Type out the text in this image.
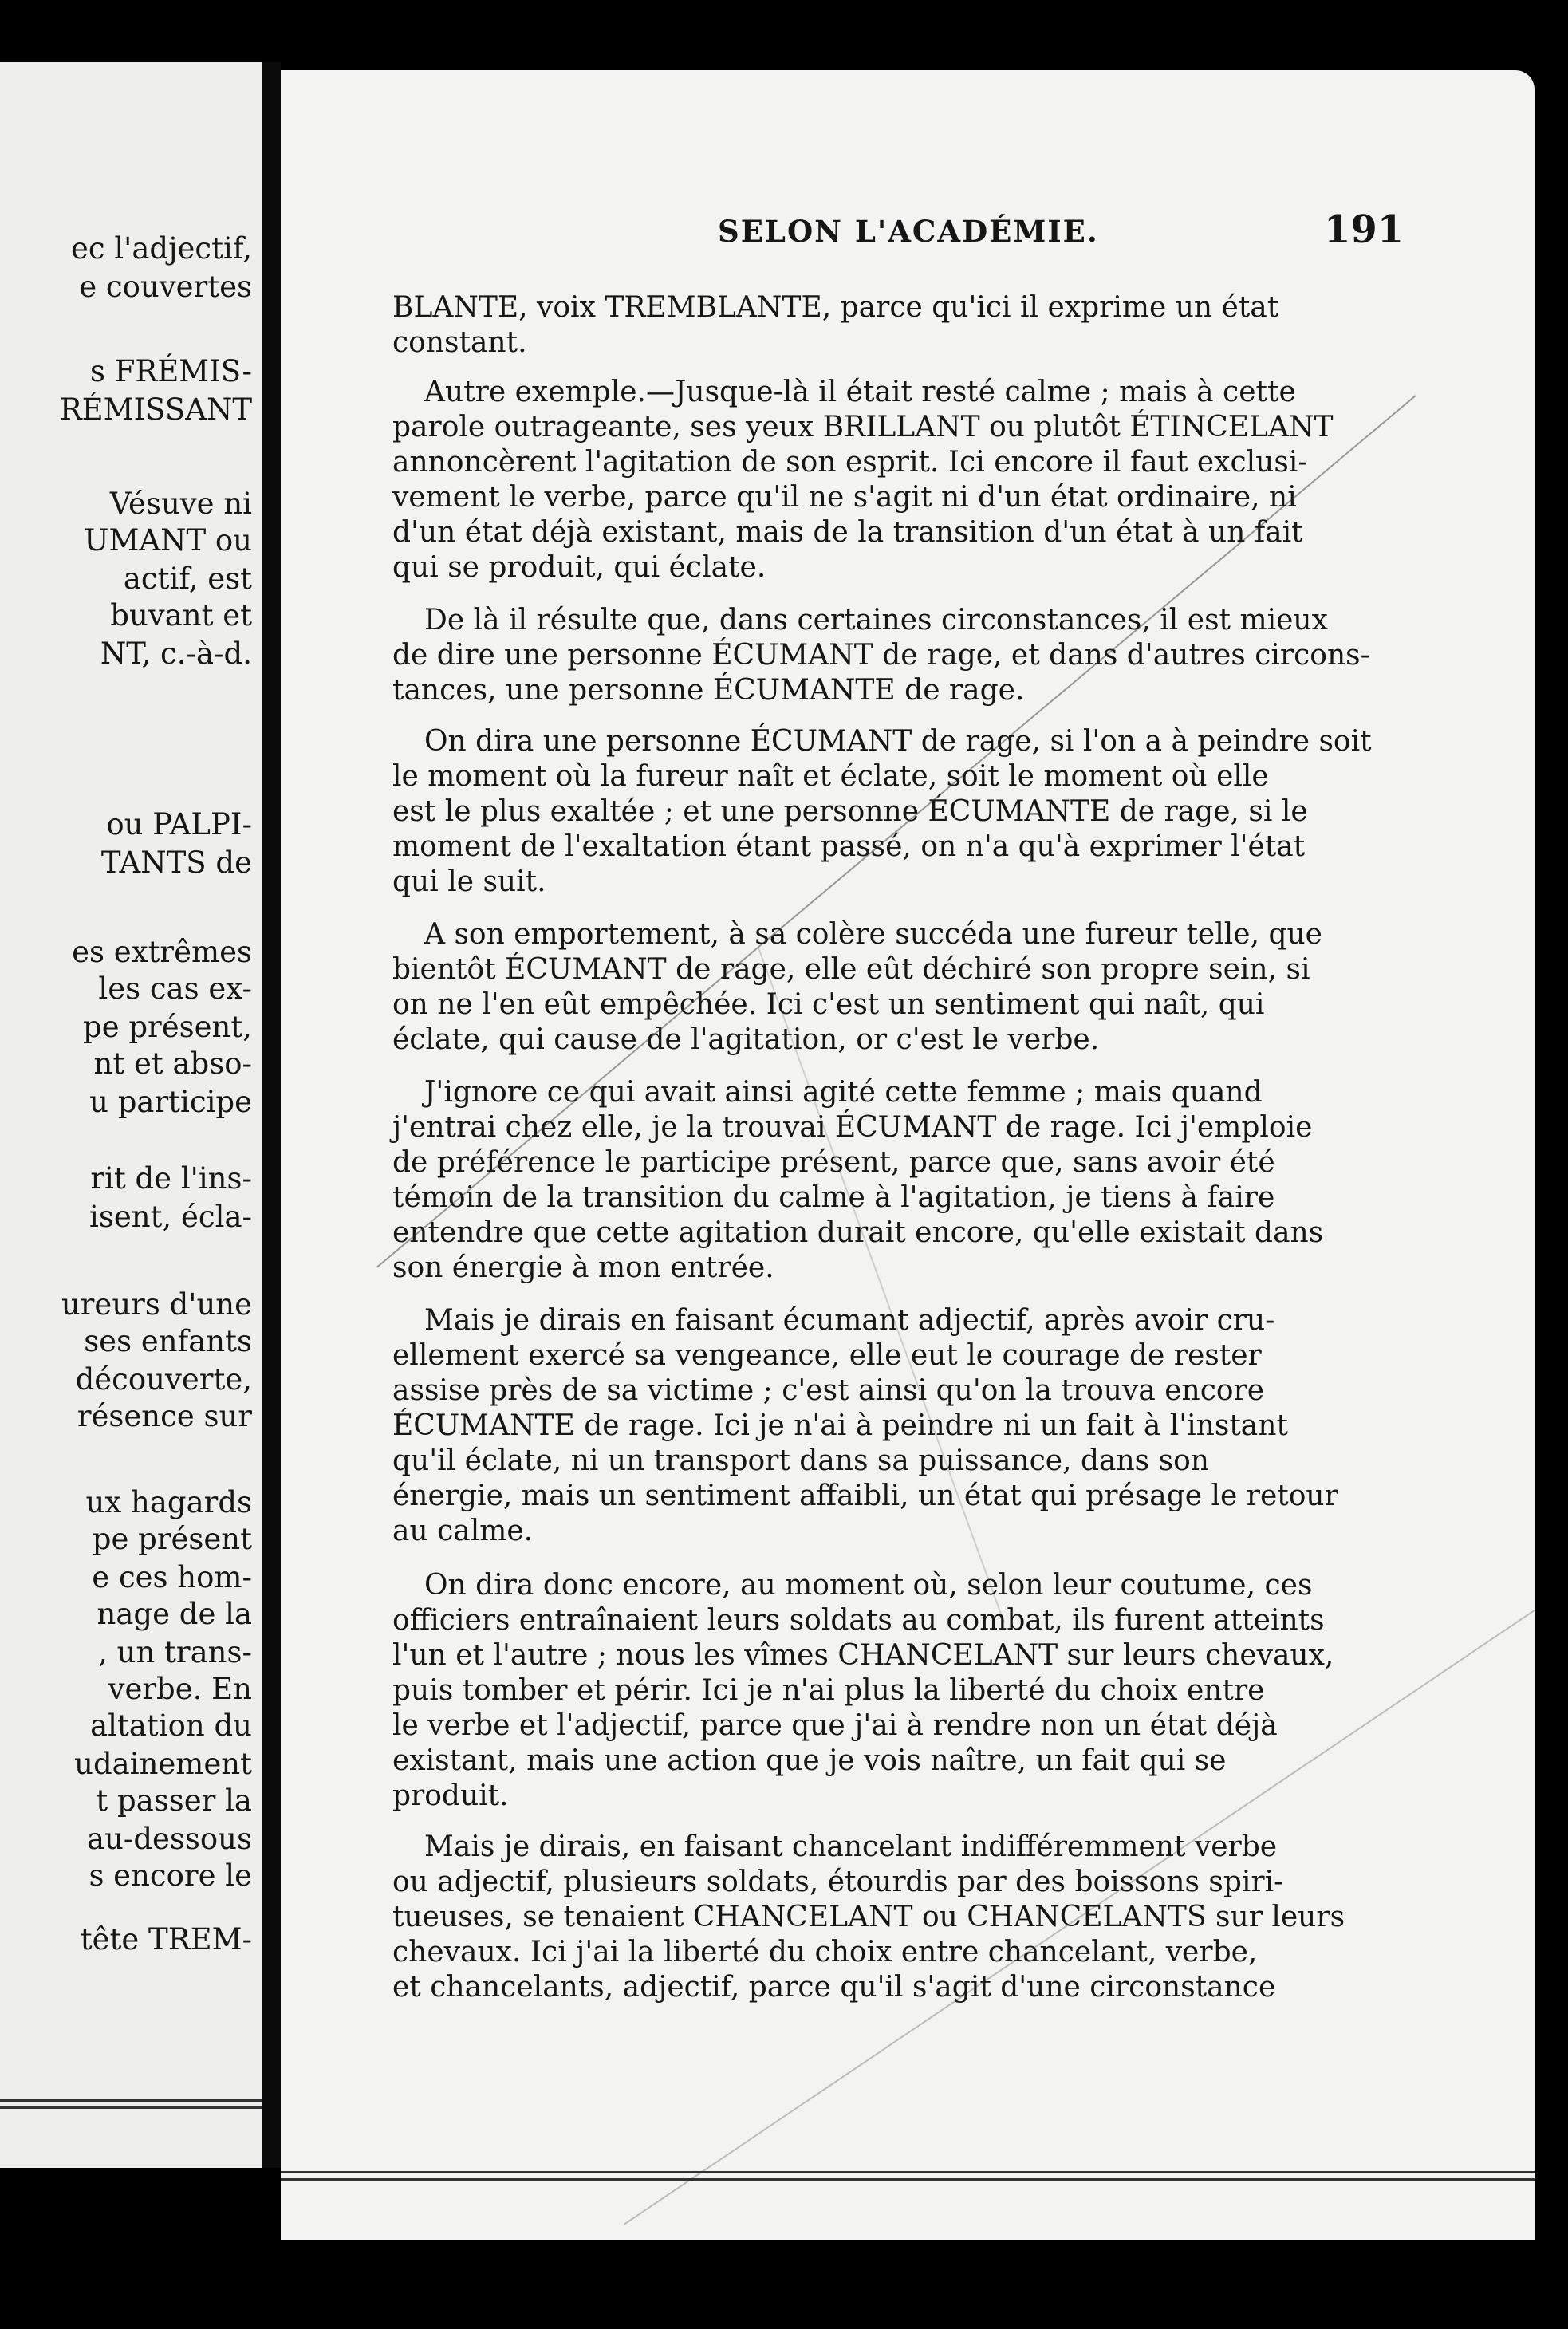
ec l'adjectif,
e couvertes
s FRÉMIS-
RÉMISSANT
Vésuve ni
UMANT ou
actif, est
buvant et
NT, c.-à-d.
ou PALPI-
TANTS de
es extrêmes
les cas ex-
pe présent,
nt et abso-
u participe
rit de l'ins-
isent, écla-
ureurs d'une
ses enfants
découverte,
résence sur
ux hagards
pe présent
e ces hom-
nage de la
, un trans-
verbe. En
altation du
udainement
t passer la
au-dessous
s encore le
tête TREM-
SELON L'ACADÉMIE.	191
BLANTE, voix TREMBLANTE, parce qu'ici il exprime un état
constant.
Autre exemple.—Jusque-là il était resté calme ; mais à cette
parole outrageante, ses yeux BRILLANT ou plutôt ÉTINCELANT
annoncèrent l'agitation de son esprit. Ici encore il faut exclusi-
vement le verbe, parce qu'il ne s'agit ni d'un état ordinaire, ni
d'un état déjà existant, mais de la transition d'un état à un fait
qui se produit, qui éclate.
De là il résulte que, dans certaines circonstances, il est mieux
de dire une personne ÉCUMANT de rage, et dans d'autres circons-
tances, une personne ÉCUMANTE de rage.
On dira une personne ÉCUMANT de rage, si l'on a à peindre soit
le moment où la fureur naît et éclate, soit le moment où elle
est le plus exaltée ; et une personne ÉCUMANTE de rage, si le
moment de l'exaltation étant passé, on n'a qu'à exprimer l'état
qui le suit.
A son emportement, à sa colère succéda une fureur telle, que
bientôt ÉCUMANT de rage, elle eût déchiré son propre sein, si
on ne l'en eût empêchée. Ici c'est un sentiment qui naît, qui
éclate, qui cause de l'agitation, or c'est le verbe.
J'ignore ce qui avait ainsi agité cette femme ; mais quand
j'entrai chez elle, je la trouvai ÉCUMANT de rage. Ici j'emploie
de préférence le participe présent, parce que, sans avoir été
témoin de la transition du calme à l'agitation, je tiens à faire
entendre que cette agitation durait encore, qu'elle existait dans
son énergie à mon entrée.
Mais je dirais en faisant écumant adjectif, après avoir cru-
ellement exercé sa vengeance, elle eut le courage de rester
assise près de sa victime ; c'est ainsi qu'on la trouva encore
ÉCUMANTE de rage. Ici je n'ai à peindre ni un fait à l'instant
qu'il éclate, ni un transport dans sa puissance, dans son
énergie, mais un sentiment affaibli, un état qui présage le retour
au calme.
On dira donc encore, au moment où, selon leur coutume, ces
officiers entraînaient leurs soldats au combat, ils furent atteints
l'un et l'autre ; nous les vîmes CHANCELANT sur leurs chevaux,
puis tomber et périr. Ici je n'ai plus la liberté du choix entre
le verbe et l'adjectif, parce que j'ai à rendre non un état déjà
existant, mais une action que je vois naître, un fait qui se
produit.
Mais je dirais, en faisant chancelant indifféremment verbe
ou adjectif, plusieurs soldats, étourdis par des boissons spiri-
tueuses, se tenaient CHANCELANT ou CHANCELANTS sur leurs
chevaux. Ici j'ai la liberté du choix entre chancelant, verbe,
et chancelants, adjectif, parce qu'il s'agit d'une circonstance
